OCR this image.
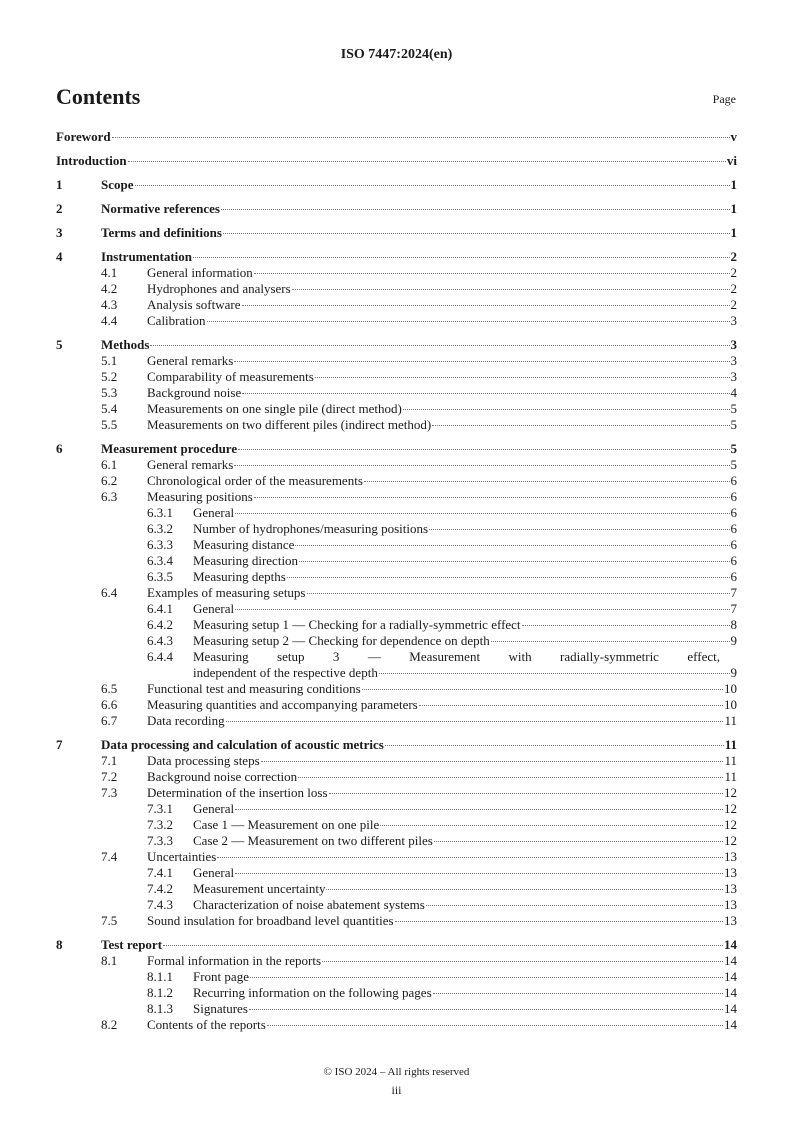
ISO 7447:2024(en)
Contents	Page
Foreword	v
Introduction	vi
1	Scope	1
2	Normative references	1
3	Terms and definitions	1
4	Instrumentation	2
4.1	General information	2
4.2	Hydrophones and analysers	2
4.3	Analysis software	2
4.4	Calibration	3
5	Methods	3
5.1	General remarks	3
5.2	Comparability of measurements	3
5.3	Background noise	4
5.4	Measurements on one single pile (direct method)	5
5.5	Measurements on two different piles (indirect method)	5
6	Measurement procedure	5
6.1	General remarks	5
6.2	Chronological order of the measurements	6
6.3	Measuring positions	6
6.3.1	General	6
6.3.2	Number of hydrophones/measuring positions	6
6.3.3	Measuring distance	6
6.3.4	Measuring direction	6
6.3.5	Measuring depths	6
6.4	Examples of measuring setups	7
6.4.1	General	7
6.4.2	Measuring setup 1 — Checking for a radially-symmetric effect	8
6.4.3	Measuring setup 2 — Checking for dependence on depth	9
6.4.4	Measuring setup 3 — Measurement with radially-symmetric effect,
independent of the respective depth	9
6.5	Functional test and measuring conditions	10
6.6	Measuring quantities and accompanying parameters	10
6.7	Data recording	11
7	Data processing and calculation of acoustic metrics	11
7.1	Data processing steps	11
7.2	Background noise correction	11
7.3	Determination of the insertion loss	12
7.3.1	General	12
7.3.2	Case 1 — Measurement on one pile	12
7.3.3	Case 2 — Measurement on two different piles	12
7.4	Uncertainties	13
7.4.1	General	13
7.4.2	Measurement uncertainty	13
7.4.3	Characterization of noise abatement systems	13
7.5	Sound insulation for broadband level quantities	13
8	Test report	14
8.1	Formal information in the reports	14
8.1.1	Front page	14
8.1.2	Recurring information on the following pages	14
8.1.3	Signatures	14
8.2	Contents of the reports	14
© ISO 2024 – All rights reserved
iii
